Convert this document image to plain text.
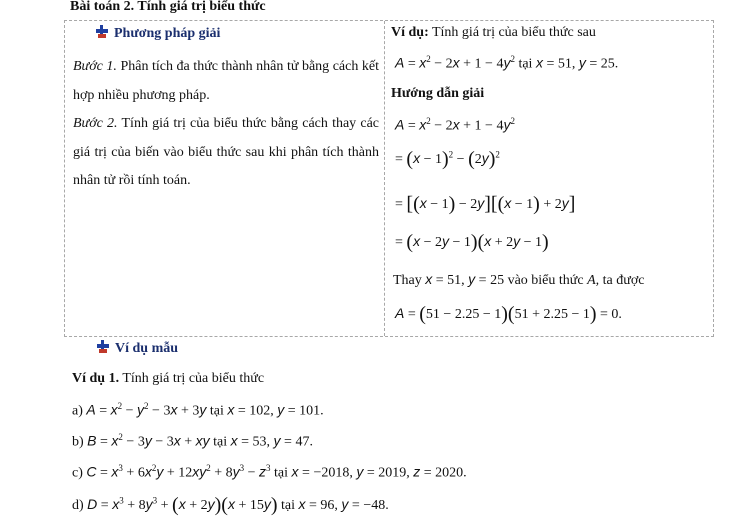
Bài toán 2. Tính giá trị biểu thức
Phương pháp giải
Bước 1. Phân tích đa thức thành nhân tử bằng cách kết hợp nhiều phương pháp.
Bước 2. Tính giá trị của biểu thức bằng cách thay các giá trị của biến vào biểu thức sau khi phân tích thành nhân tử rồi tính toán.
Ví dụ: Tính giá trị của biểu thức sau
$A = x^2 - 2x + 1 - 4y^2$ tại x = 51, y = 25.
Hướng dẫn giải
$A = x^2 - 2x + 1 - 4y^2$
= $(x - 1)^2 - (2y)^2$
= [(x − 1) − 2y][(x − 1) + 2y]
= (x − 2y − 1)(x + 2y − 1)
Thay x = 51, y = 25 vào biểu thức A, ta được
A = (51 − 2.25 − 1)(51 + 2.25 − 1) = 0.
Ví dụ mẫu
Ví dụ 1. Tính giá trị của biểu thức
a) $A = x^2 - y^2 - 3x + 3y$ tại x = 102, y = 101.
b) $B = x^2 - 3y - 3x$ + xy tại x = 53, y = 47.
c) $C = x^3 + 6x^2y + 12xy^2 + 8y^3 - z^3$ tại x = −2018, y = 2019, z = 2020.
d) $D = x^3 + 8y^3 + (x + 2y)(x + 15y)$ tại x = 96, y = −48.
